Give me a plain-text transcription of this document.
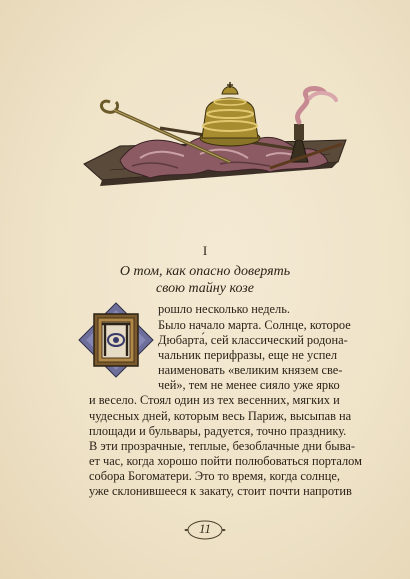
I
О том, как опасно доверять
свою тайну козе
рошло несколько недель.
Было начало марта. Солнце, которое
Дюбарта́, сей классический родона-
чальник перифразы, еще не успел
наименовать «великим князем све-
чей», тем не менее сияло уже ярко
и весело. Стоял один из тех весенних, мягких и
чудесных дней, которым весь Париж, высыпав на
площади и бульвары, радуется, точно празднику.
В эти прозрачные, теплые, безоблачные дни быва-
ет час, когда хорошо пойти полюбоваться порталом
собора Богоматери. Это то время, когда солнце,
уже склонившееся к закату, стоит почти напротив
11
